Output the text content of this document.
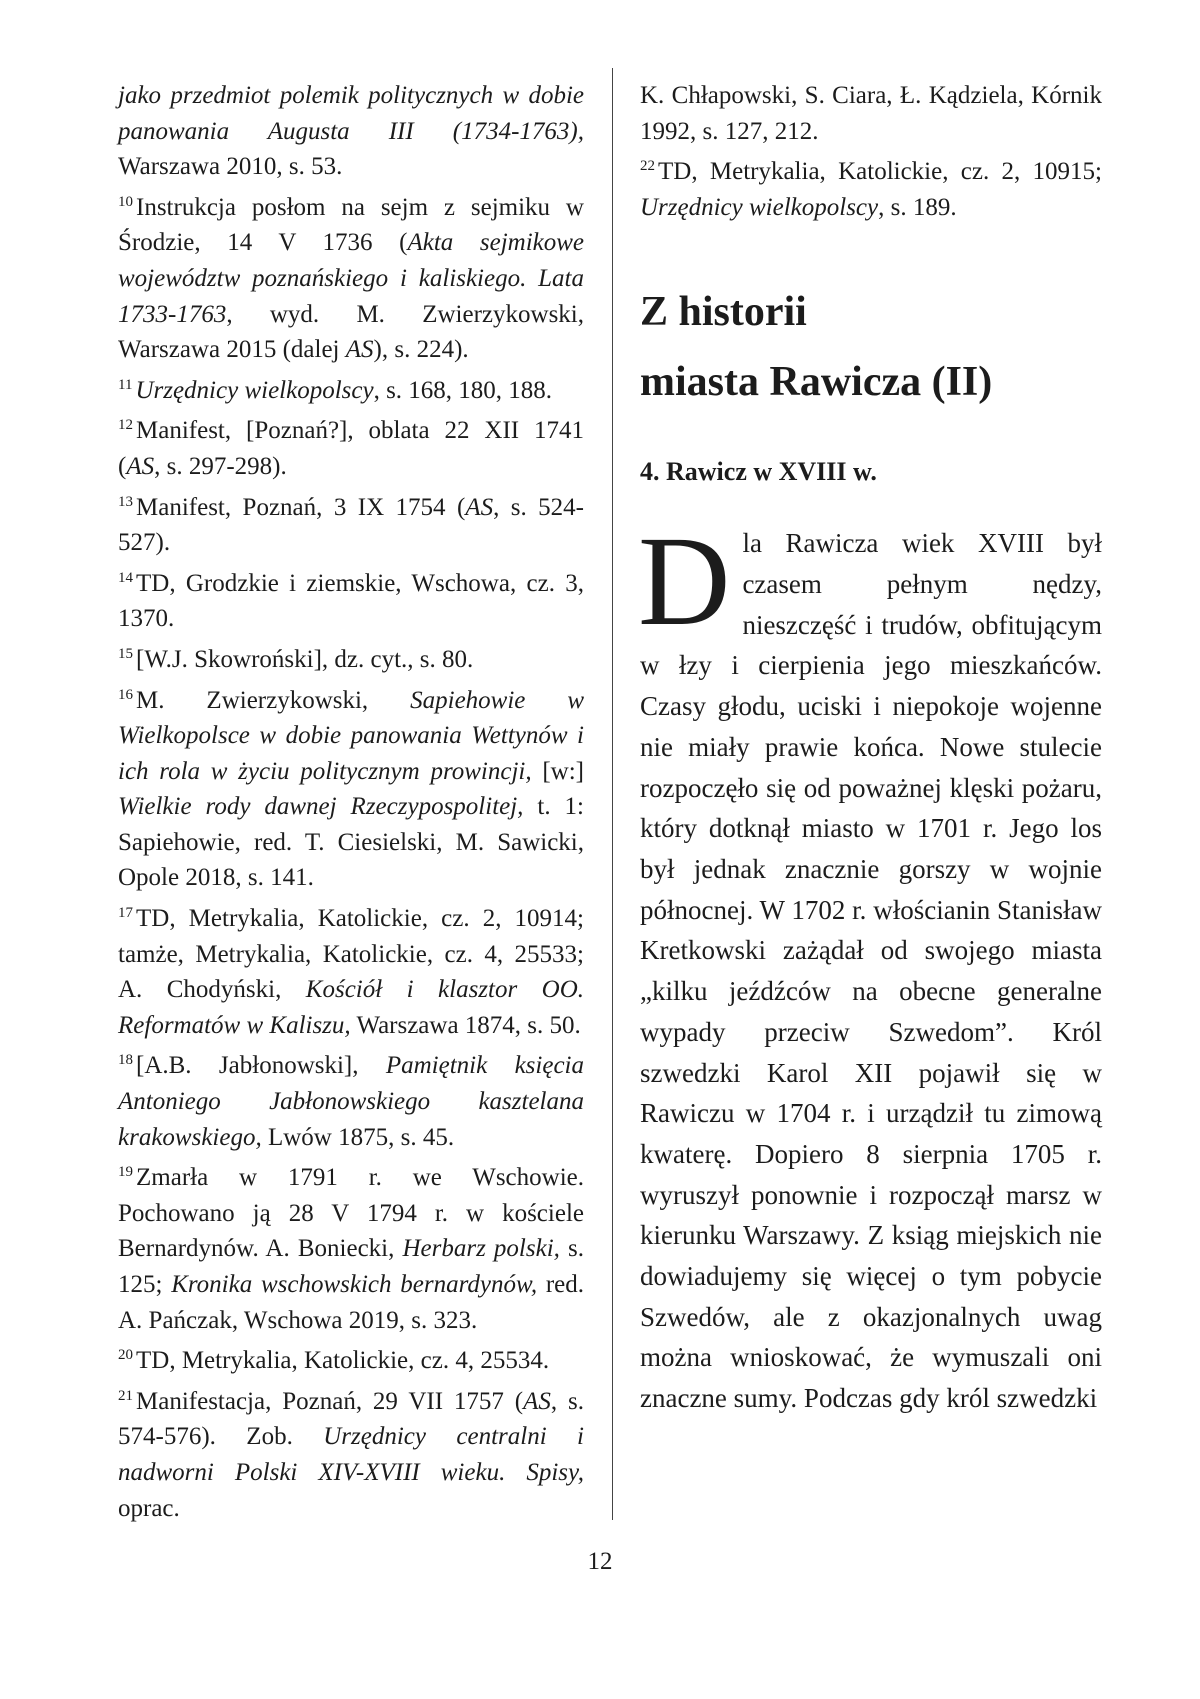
jako przedmiot polemik politycznych w dobie panowania Augusta III (1734-1763), Warszawa 2010, s. 53.

$^{10}$ Instrukcja posłom na sejm z sejmiku w Środzie, 14 V 1736 (Akta sejmikowe województw poznańskiego i kaliskiego. Lata 1733-1763, wyd. M. Zwierzykowski, Warszawa 2015 (dalej AS), s. 224).

$^{11}$ Urzędnicy wielkopolscy, s. 168, 180, 188.

$^{12}$ Manifest, [Poznań?], oblata 22 XII 1741 (AS, s. 297-298).

$^{13}$ Manifest, Poznań, 3 IX 1754 (AS, s. 524-527).

$^{14}$ TD, Grodzkie i ziemskie, Wschowa, cz. 3, 1370.

$^{15}$ [W.J. Skowroński], dz. cyt., s. 80.

$^{16}$ M. Zwierzykowski, Sapiehowie w Wielkopolsce w dobie panowania Wettynów i ich rola w życiu politycznym prowincji, [w:] Wielkie rody dawnej Rzeczypospolitej, t. 1: Sapiehowie, red. T. Ciesielski, M. Sawicki, Opole 2018, s. 141.

$^{17}$ TD, Metrykalia, Katolickie, cz. 2, 10914; tamże, Metrykalia, Katolickie, cz. 4, 25533; A. Chodyński, Kościół i klasztor OO. Reformatów w Kaliszu, Warszawa 1874, s. 50.

$^{18}$ [A.B. Jabłonowski], Pamiętnik księcia Antoniego Jabłonowskiego kasztelana krakowskiego, Lwów 1875, s. 45.

$^{19}$ Zmarła w 1791 r. we Wschowie. Pochowano ją 28 V 1794 r. w kościele Bernardynów. A. Boniecki, Herbarz polski, s. 125; Kronika wschowskich bernardynów, red. A. Pańczak, Wschowa 2019, s. 323.

$^{20}$ TD, Metrykalia, Katolickie, cz. 4, 25534.

$^{21}$ Manifestacja, Poznań, 29 VII 1757 (AS, s. 574-576). Zob. Urzędnicy centralni i nadworni Polski XIV-XVIII wieku. Spisy, oprac.

K. Chłapowski, S. Ciara, Ł. Kądziela, Kórnik 1992, s. 127, 212.

$^{22}$ TD, Metrykalia, Katolickie, cz. 2, 10915; Urzędnicy wielkopolscy, s. 189.

Z historii
miasta Rawicza (II)
4. Rawicz w XVIII w.

Dla Rawicza wiek XVIII był czasem pełnym nędzy, nieszczęść i trudów, obfitującym w łzy i cierpienia jego mieszkańców. Czasy głodu, uciski i niepokoje wojenne nie miały prawie końca. Nowe stulecie rozpoczęło się od poważnej klęski pożaru, który dotknął miasto w 1701 r. Jego los był jednak znacznie gorszy w wojnie północnej. W 1702 r. włościanin Stanisław Kretkowski zażądał od swojego miasta „kilku jeźdźców na obecne generalne wypady przeciw Szwedom”. Król szwedzki Karol XII pojawił się w Rawiczu w 1704 r. i urządził tu zimową kwaterę. Dopiero 8 sierpnia 1705 r. wyruszył ponownie i rozpoczął marsz w kierunku Warszawy. Z ksiąg miejskich nie dowiadujemy się więcej o tym pobycie Szwedów, ale z okazjonalnych uwag można wnioskować, że wymuszali oni znaczne sumy. Podczas gdy król szwedzki

12
